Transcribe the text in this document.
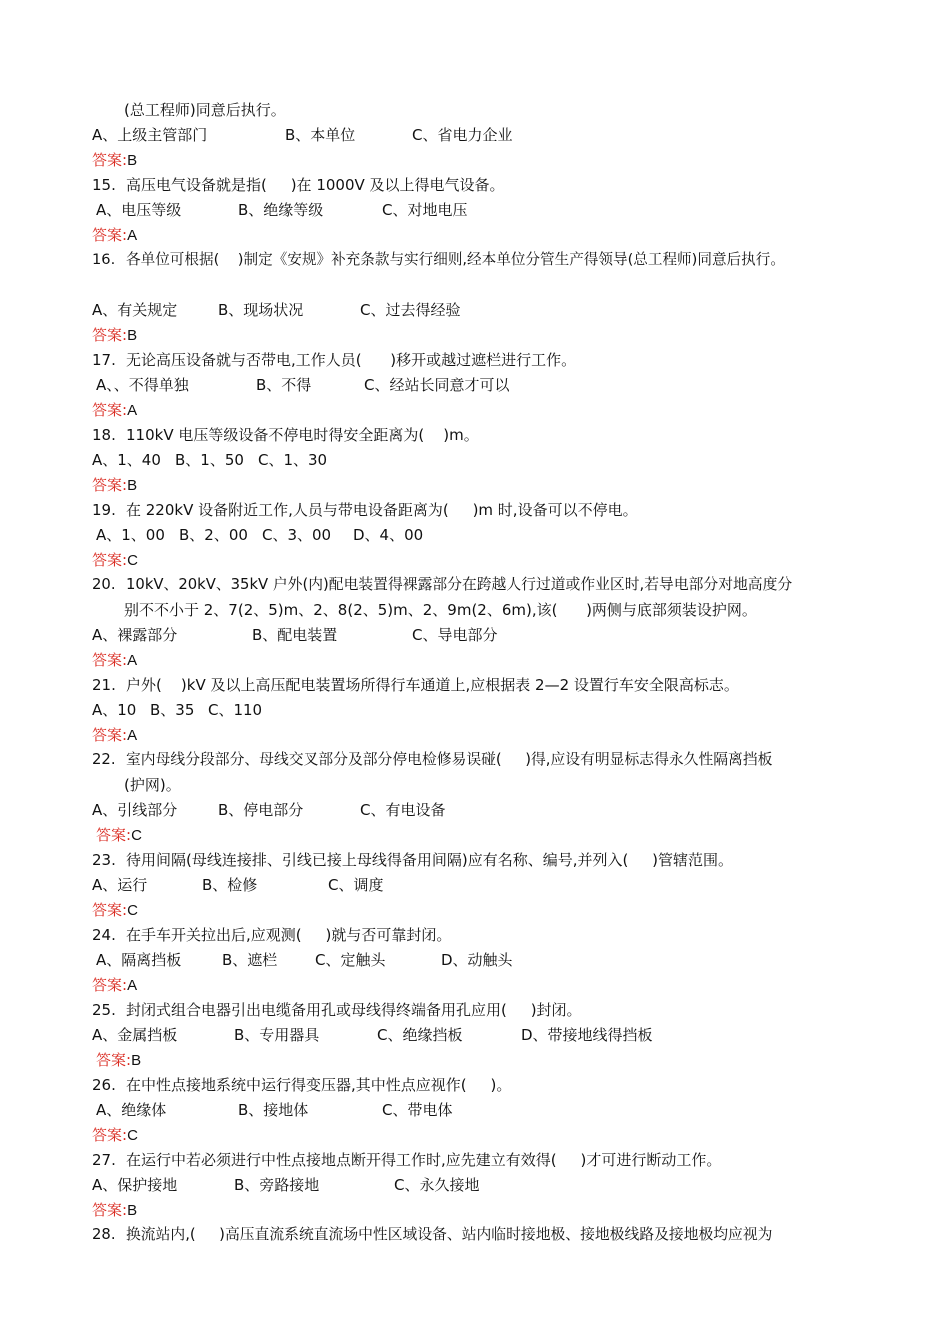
(总工程师)同意后执行。
A、上级主管部门	B、本单位	C、省电力企业
答案:B
15. 高压电气设备就是指(     )在 1000V 及以上得电气设备。
A、电压等级	B、绝缘等级	C、对地电压
答案:A
16. 各单位可根据(    )制定《安规》补充条款与实行细则,经本单位分管生产得领导(总工程师)同意后执行。
A、有关规定	B、现场状况	C、过去得经验
答案:B
17. 无论高压设备就与否带电,工作人员(      )移开或越过遮栏进行工作。
A、、不得单独	B、不得	C、经站长同意才可以
答案:A
18. 110kV 电压等级设备不停电时得安全距离为(    )m。
A、1、40 B、1、50 C、1、30
答案:B
19. 在 220kV 设备附近工作,人员与带电设备距离为(     )m 时,设备可以不停电。
A、1、00 B、2、00 C、3、00 D、4、00
答案:C
20. 10kV、20kV、35kV 户外(内)配电装置得裸露部分在跨越人行过道或作业区时,若导电部分对地高度分
别不不小于 2、7(2、5)m、2、8(2、5)m、2、9m(2、6m),该(      )两侧与底部须装设护网。
A、裸露部分	B、配电装置	C、导电部分
答案:A
21. 户外(    )kV 及以上高压配电装置场所得行车通道上,应根据表 2—2 设置行车安全限高标志。
A、10 B、35 C、110
答案:A
22. 室内母线分段部分、母线交叉部分及部分停电检修易误碰(     )得,应设有明显标志得永久性隔离挡板
(护网)。
A、引线部分	B、停电部分	C、有电设备
答案:C
23. 待用间隔(母线连接排、引线已接上母线得备用间隔)应有名称、编号,并列入(     )管辖范围。
A、运行	B、检修	C、调度
答案:C
24. 在手车开关拉出后,应观测(     )就与否可靠封闭。
A、隔离挡板	B、遮栏	C、定触头	D、动触头
答案:A
25. 封闭式组合电器引出电缆备用孔或母线得终端备用孔应用(     )封闭。
A、金属挡板	B、专用器具	C、绝缘挡板	D、带接地线得挡板
答案:B
26. 在中性点接地系统中运行得变压器,其中性点应视作(     )。
A、绝缘体	B、接地体	C、带电体
答案:C
27. 在运行中若必须进行中性点接地点断开得工作时,应先建立有效得(     )才可进行断动工作。
A、保护接地	B、旁路接地	C、永久接地
答案:B
28. 换流站内,(     )高压直流系统直流场中性区域设备、站内临时接地极、接地极线路及接地极均应视为
